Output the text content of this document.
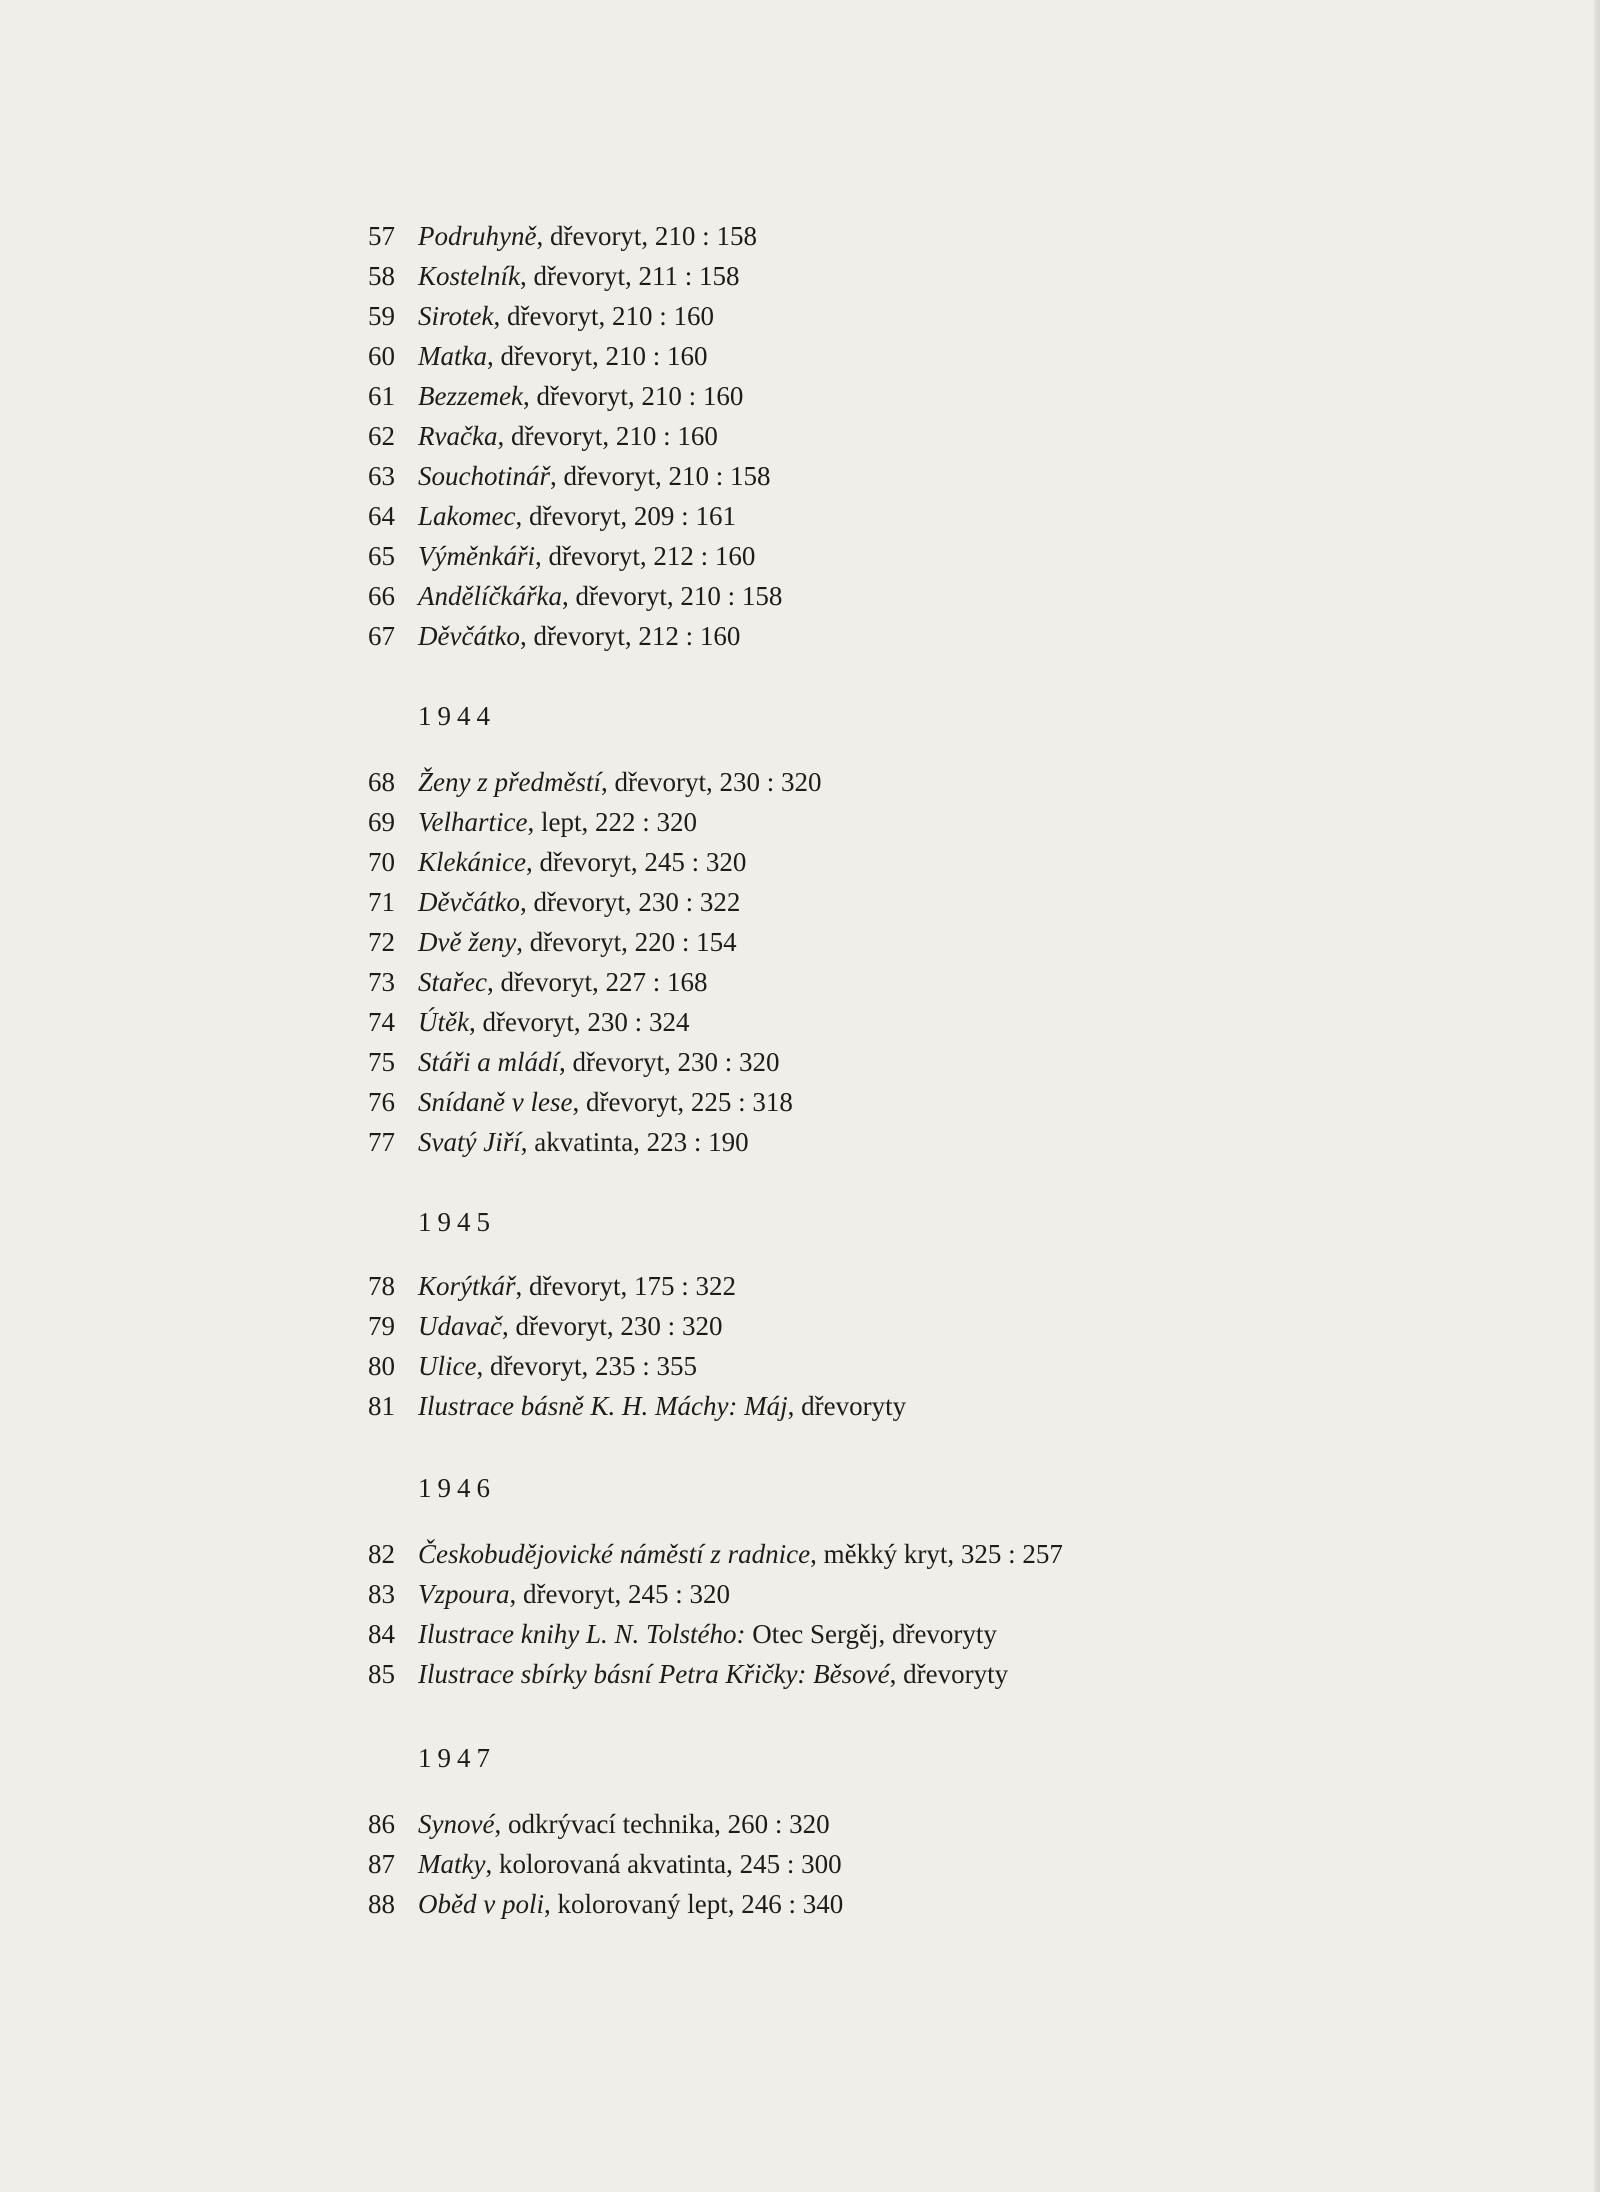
57 Podruhyně, dřevoryt, 210 : 158
58 Kostelník, dřevoryt, 211 : 158
59 Sirotek, dřevoryt, 210 : 160
60 Matka, dřevoryt, 210 : 160
61 Bezzemek, dřevoryt, 210 : 160
62 Rvačka, dřevoryt, 210 : 160
63 Souchotinář, dřevoryt, 210 : 158
64 Lakomec, dřevoryt, 209 : 161
65 Výměnkáři, dřevoryt, 212 : 160
66 Andělíčkářka, dřevoryt, 210 : 158
67 Děvčátko, dřevoryt, 212 : 160
1944
68 Ženy z předměstí, dřevoryt, 230 : 320
69 Velhartice, lept, 222 : 320
70 Klekánice, dřevoryt, 245 : 320
71 Děvčátko, dřevoryt, 230 : 322
72 Dvě ženy, dřevoryt, 220 : 154
73 Stařec, dřevoryt, 227 : 168
74 Útěk, dřevoryt, 230 : 324
75 Stáři a mládí, dřevoryt, 230 : 320
76 Snídaně v lese, dřevoryt, 225 : 318
77 Svatý Jiří, akvatinta, 223 : 190
1945
78 Korýtkář, dřevoryt, 175 : 322
79 Udavač, dřevoryt, 230 : 320
80 Ulice, dřevoryt, 235 : 355
81 Ilustrace básně K. H. Máchy: Máj, dřevoryty
1946
82 Českobudějovické náměstí z radnice, měkký kryt, 325 : 257
83 Vzpoura, dřevoryt, 245 : 320
84 Ilustrace knihy L. N. Tolstého: Otec Sergěj, dřevoryty
85 Ilustrace sbírky básní Petra Křičky: Běsové, dřevoryty
1947
86 Synové, odkrývací technika, 260 : 320
87 Matky, kolorovaná akvatinta, 245 : 300
88 Oběd v poli, kolorovaný lept, 246 : 340
